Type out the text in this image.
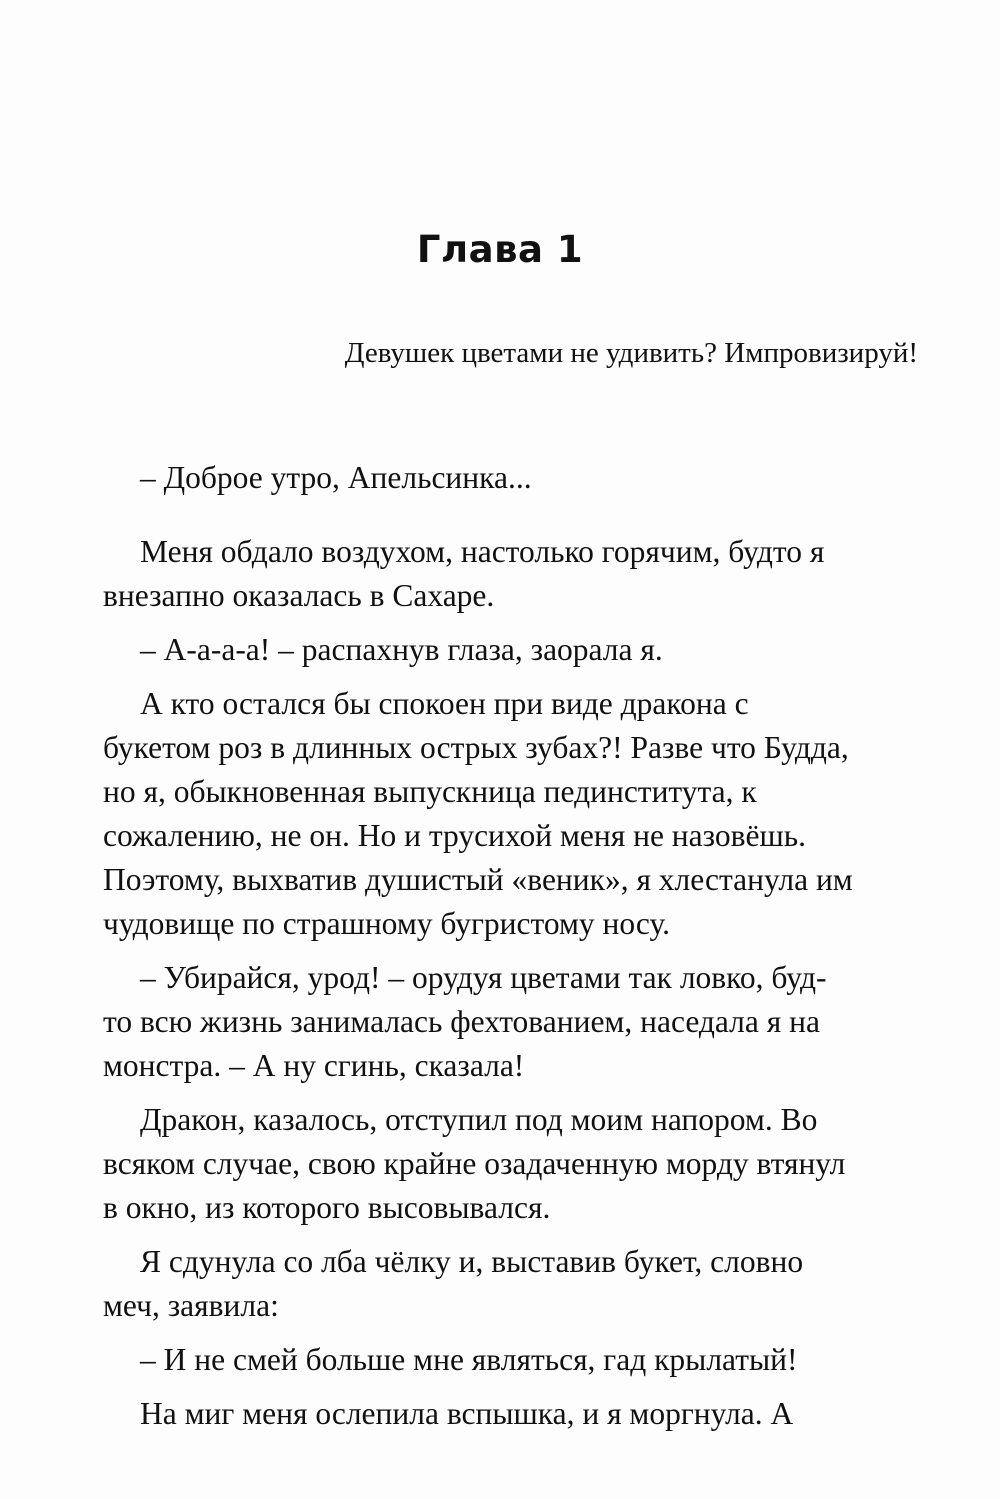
Глава 1
Девушек цветами не удивить? Импровизируй!

– Доброе утро, Апельсинка...

Меня обдало воздухом, настолько горячим, будто я
внезапно оказалась в Сахаре.

– А-а-а-а! – распахнув глаза, заорала я.

А кто остался бы спокоен при виде дракона с
букетом роз в длинных острых зубах?! Разве что Будда,
но я, обыкновенная выпускница пединститута, к
сожалению, не он. Но и трусихой меня не назовёшь.
Поэтому, выхватив душистый «веник», я хлестанула им
чудовище по страшному бугристому носу.

– Убирайся, урод! – орудуя цветами так ловко, буд-
то всю жизнь занималась фехтованием, наседала я на
монстра. – А ну сгинь, сказала!

Дракон, казалось, отступил под моим напором. Во
всяком случае, свою крайне озадаченную морду втянул
в окно, из которого высовывался.

Я сдунула со лба чёлку и, выставив букет, словно
меч, заявила:

– И не смей больше мне являться, гад крылатый!

На миг меня ослепила вспышка, и я моргнула. А
